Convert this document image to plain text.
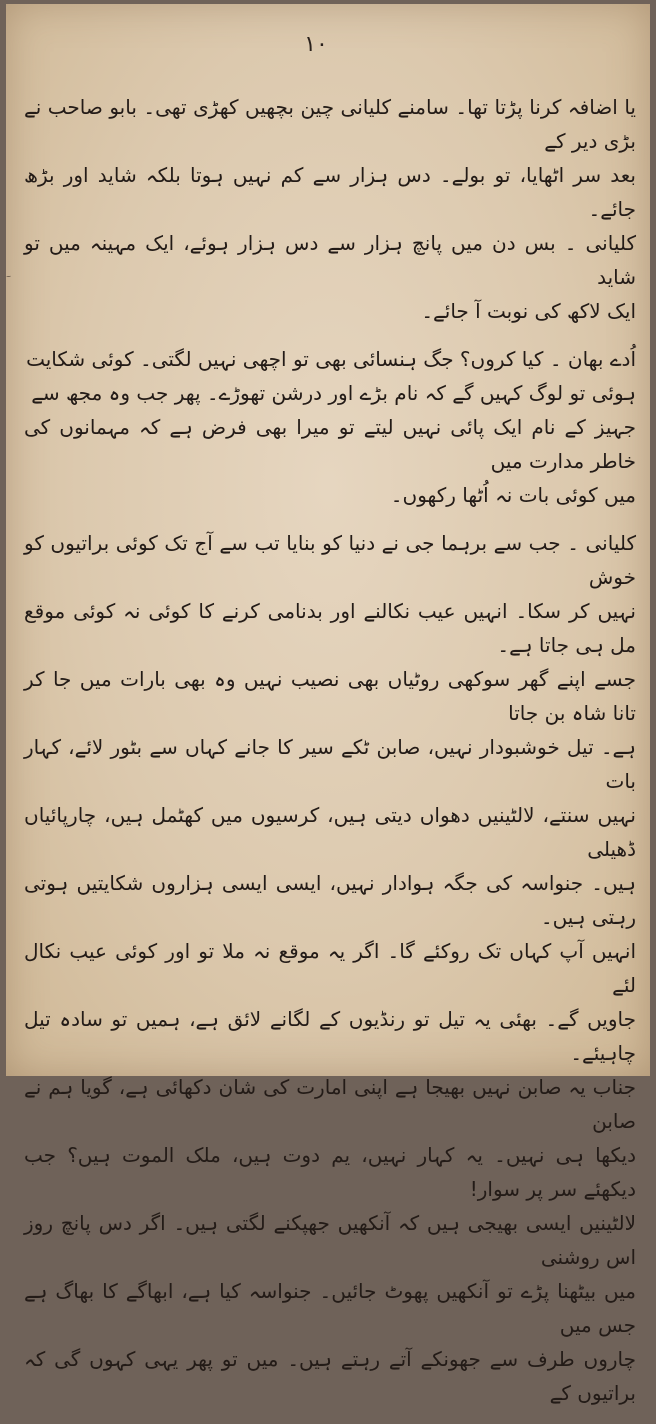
١٠

یا اضافہ کرنا پڑتا تھا۔ سامنے کلیانی چین بچھیں کھڑی تھی۔ بابو صاحب نے بڑی دیر کے

بعد سر اٹھایا، تو بولے۔ دس ہزار سے کم نہیں ہوتا بلکہ شاید اور بڑھ جائے۔

کلیانی ۔ بس دن میں پانچ ہزار سے دس ہزار ہوئے، ایک مہینہ میں تو شاید

ایک لاکھ کی نوبت آ جائے۔

اُدے بھان ۔ کیا کروں؟ جگ ہنسائی بھی تو اچھی نہیں لگتی۔ کوئی شکایت

ہوئی تو لوگ کہیں گے کہ نام بڑے اور درشن تھوڑے۔ پھر جب وہ مجھ سے

جہیز کے نام ایک پائی نہیں لیتے تو میرا بھی فرض ہے کہ مہمانوں کی خاطر مدارت میں

میں کوئی بات نہ اُٹھا رکھوں۔

کلیانی ۔ جب سے برہما جی نے دنیا کو بنایا تب سے آج تک کوئی براتیوں کو خوش

نہیں کر سکا۔ انہیں عیب نکالنے اور بدنامی کرنے کا کوئی نہ کوئی موقع مل ہی جاتا ہے۔

جسے اپنے گھر سوکھی روٹیاں بھی نصیب نہیں وہ بھی بارات میں جا کر تانا شاہ بن جاتا

ہے۔ تیل خوشبودار نہیں، صابن ٹکے سیر کا جانے کہاں سے بٹور لائے، کہار بات

نہیں سنتے، لالٹینیں دھواں دیتی ہیں، کرسیوں میں کھٹمل ہیں، چارپائیاں ڈھیلی

ہیں۔ جنواسہ کی جگہ ہوادار نہیں، ایسی ایسی ہزاروں شکایتیں ہوتی رہتی ہیں۔

انہیں آپ کہاں تک روکئے گا۔ اگر یہ موقع نہ ملا تو اور کوئی عیب نکال لئے

جاویں گے۔ بھئی یہ تیل تو رنڈیوں کے لگانے لائق ہے، ہمیں تو سادہ تیل چاہیئے۔

جناب یہ صابن نہیں بھیجا ہے اپنی امارت کی شان دکھائی ہے، گویا ہم نے صابن

دیکھا ہی نہیں۔ یہ کہار نہیں، یم دوت ہیں، ملک الموت ہیں؟ جب دیکھئے سر پر سوار!

لالٹینیں ایسی بھیجی ہیں کہ آنکھیں جھپکنے لگتی ہیں۔ اگر دس پانچ روز اس روشنی

میں بیٹھنا پڑے تو آنکھیں پھوٹ جائیں۔ جنواسہ کیا ہے، ابھاگے کا بھاگ ہے جس میں

چاروں طرف سے جھونکے آتے رہتے ہیں۔ میں تو پھر یہی کہوں گی کہ براتیوں کے
